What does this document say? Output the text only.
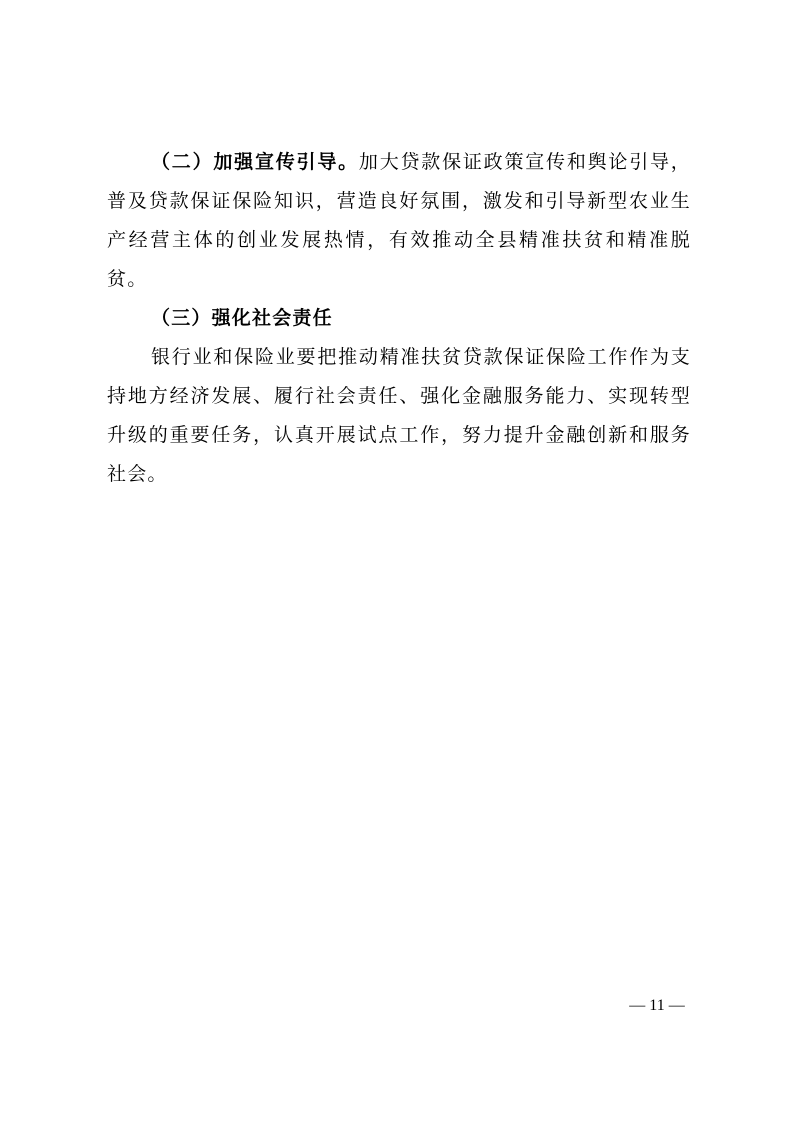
（二）加强宣传引导。加大贷款保证政策宣传和舆论引导，普及贷款保证保险知识，营造良好氛围，激发和引导新型农业生产经营主体的创业发展热情，有效推动全县精准扶贫和精准脱贫。

（三）强化社会责任

银行业和保险业要把推动精准扶贫贷款保证保险工作作为支持地方经济发展、履行社会责任、强化金融服务能力、实现转型升级的重要任务，认真开展试点工作，努力提升金融创新和服务社会。

— 11 —
